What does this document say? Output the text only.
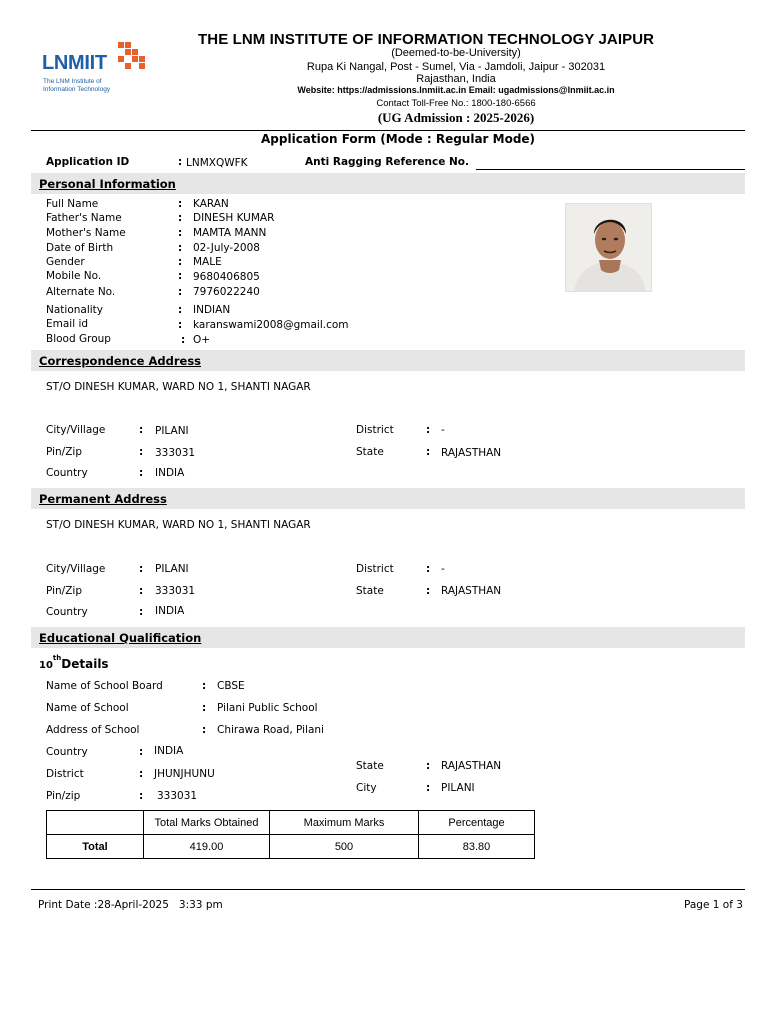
LNMIIT
The LNM Institute of
Information Technology
THE LNM INSTITUTE OF INFORMATION TECHNOLOGY JAIPUR
(Deemed-to-be-University)
Rupa Ki Nangal, Post - Sumel, Via - Jamdoli, Jaipur - 302031
Rajasthan, India
Website: https://admissions.lnmiit.ac.in Email: ugadmissions@lnmiit.ac.in
Contact Toll-Free No.: 1800-180-6566
(UG Admission : 2025-2026)
Application Form (Mode : Regular Mode)
Application ID	: LNMXQWFK	Anti Ragging Reference No.
Personal Information
Full Name	: KARAN
Father's Name	: DINESH KUMAR
Mother's Name	: MAMTA MANN
Date of Birth	: 02-July-2008
Gender	: MALE
Mobile No.	: 9680406805
Alternate No.	: 7976022240
Nationality	: INDIAN
Email id	: karanswami2008@gmail.com
Blood Group	: O+
Correspondence Address
ST/O DINESH KUMAR, WARD NO 1, SHANTI NAGAR
City/Village	: PILANI
Pin/Zip	: 333031
Country	: INDIA
District	: -
State	: RAJASTHAN
Permanent Address
ST/O DINESH KUMAR, WARD NO 1, SHANTI NAGAR
City/Village	: PILANI
Pin/Zip	: 333031
Country	: INDIA
District	: -
State	: RAJASTHAN
Educational Qualification
10thDetails
Name of School Board	: CBSE
Name of School	: Pilani Public School
Address of School	: Chirawa Road, Pilani
Country	: INDIA
District	: JHUNJHUNU
Pin/zip	: 333031
State	: RAJASTHAN
City	: PILANI
	Total Marks Obtained	Maximum Marks	Percentage
Total	419.00	500	83.80
Print Date :28-April-2025   3:33 pm	Page 1 of 3
